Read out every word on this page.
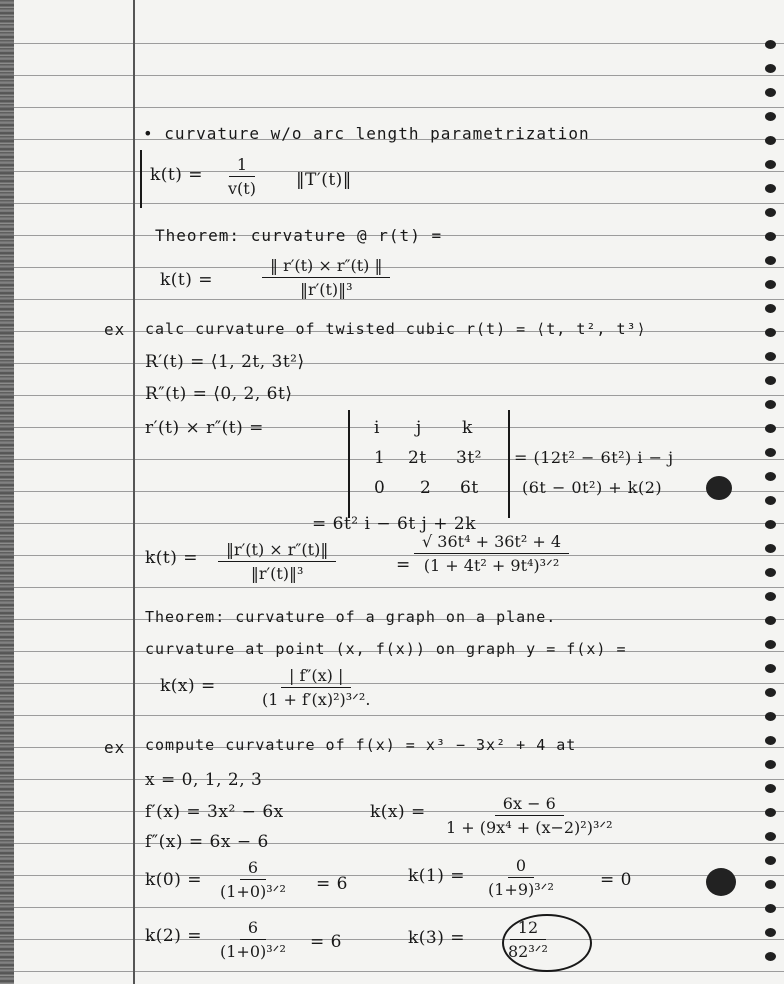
• curvature w/o arc length parametrization
$k(t) = \frac{1}{v(t)}$ ‖T′(t)‖
Theorem: curvature @ r(t) =
k(t) =	$\frac{‖ r'(t) \times r''(t) ‖}{\text{‖r′(t)‖³}}$
ex calc curvature of twisted cubic r(t) = ⟨t, t², t³⟩
R′(t) = ⟨1, 2t, 3t²⟩
R″(t) = ⟨0, 2, 6t⟩
r′(t) × r″(t) =	i j k
1 2t 3t²
0 2 6t
= (12t² − 6t²) i − j
(6t − 0t²) + k(2)
= 6t² i − 6t j + 2k
$k(t) = \frac{‖r'(t) \times r''(t)‖}{\text{‖r′(t)‖³}}$	=
√ 36t⁴ + 36t² + 4
(1 + 4t² + 9t⁴)³ᐟ²
Theorem: curvature of a graph on a plane.
curvature at point (x, f(x)) on graph y = f(x) =
k(x) =
| f″(x) |
(1 + f′(x)²)³ᐟ².
ex compute curvature of f(x) = x³ − 3x² + 4 at
x = 0, 1, 2, 3
f′(x) = 3x² − 6x	k(x) =	6x − 6
1 + (9x⁴ + (x−2)²)³ᐟ²
f″(x) = 6x − 6
k(0) =
6
(1+0)³ᐟ² = 6	k(1) =
0
(1+9)³ᐟ²	= 0
k(2) =	6
(1+0)³ᐟ² = 6	k(3) =
12
82³ᐟ²
